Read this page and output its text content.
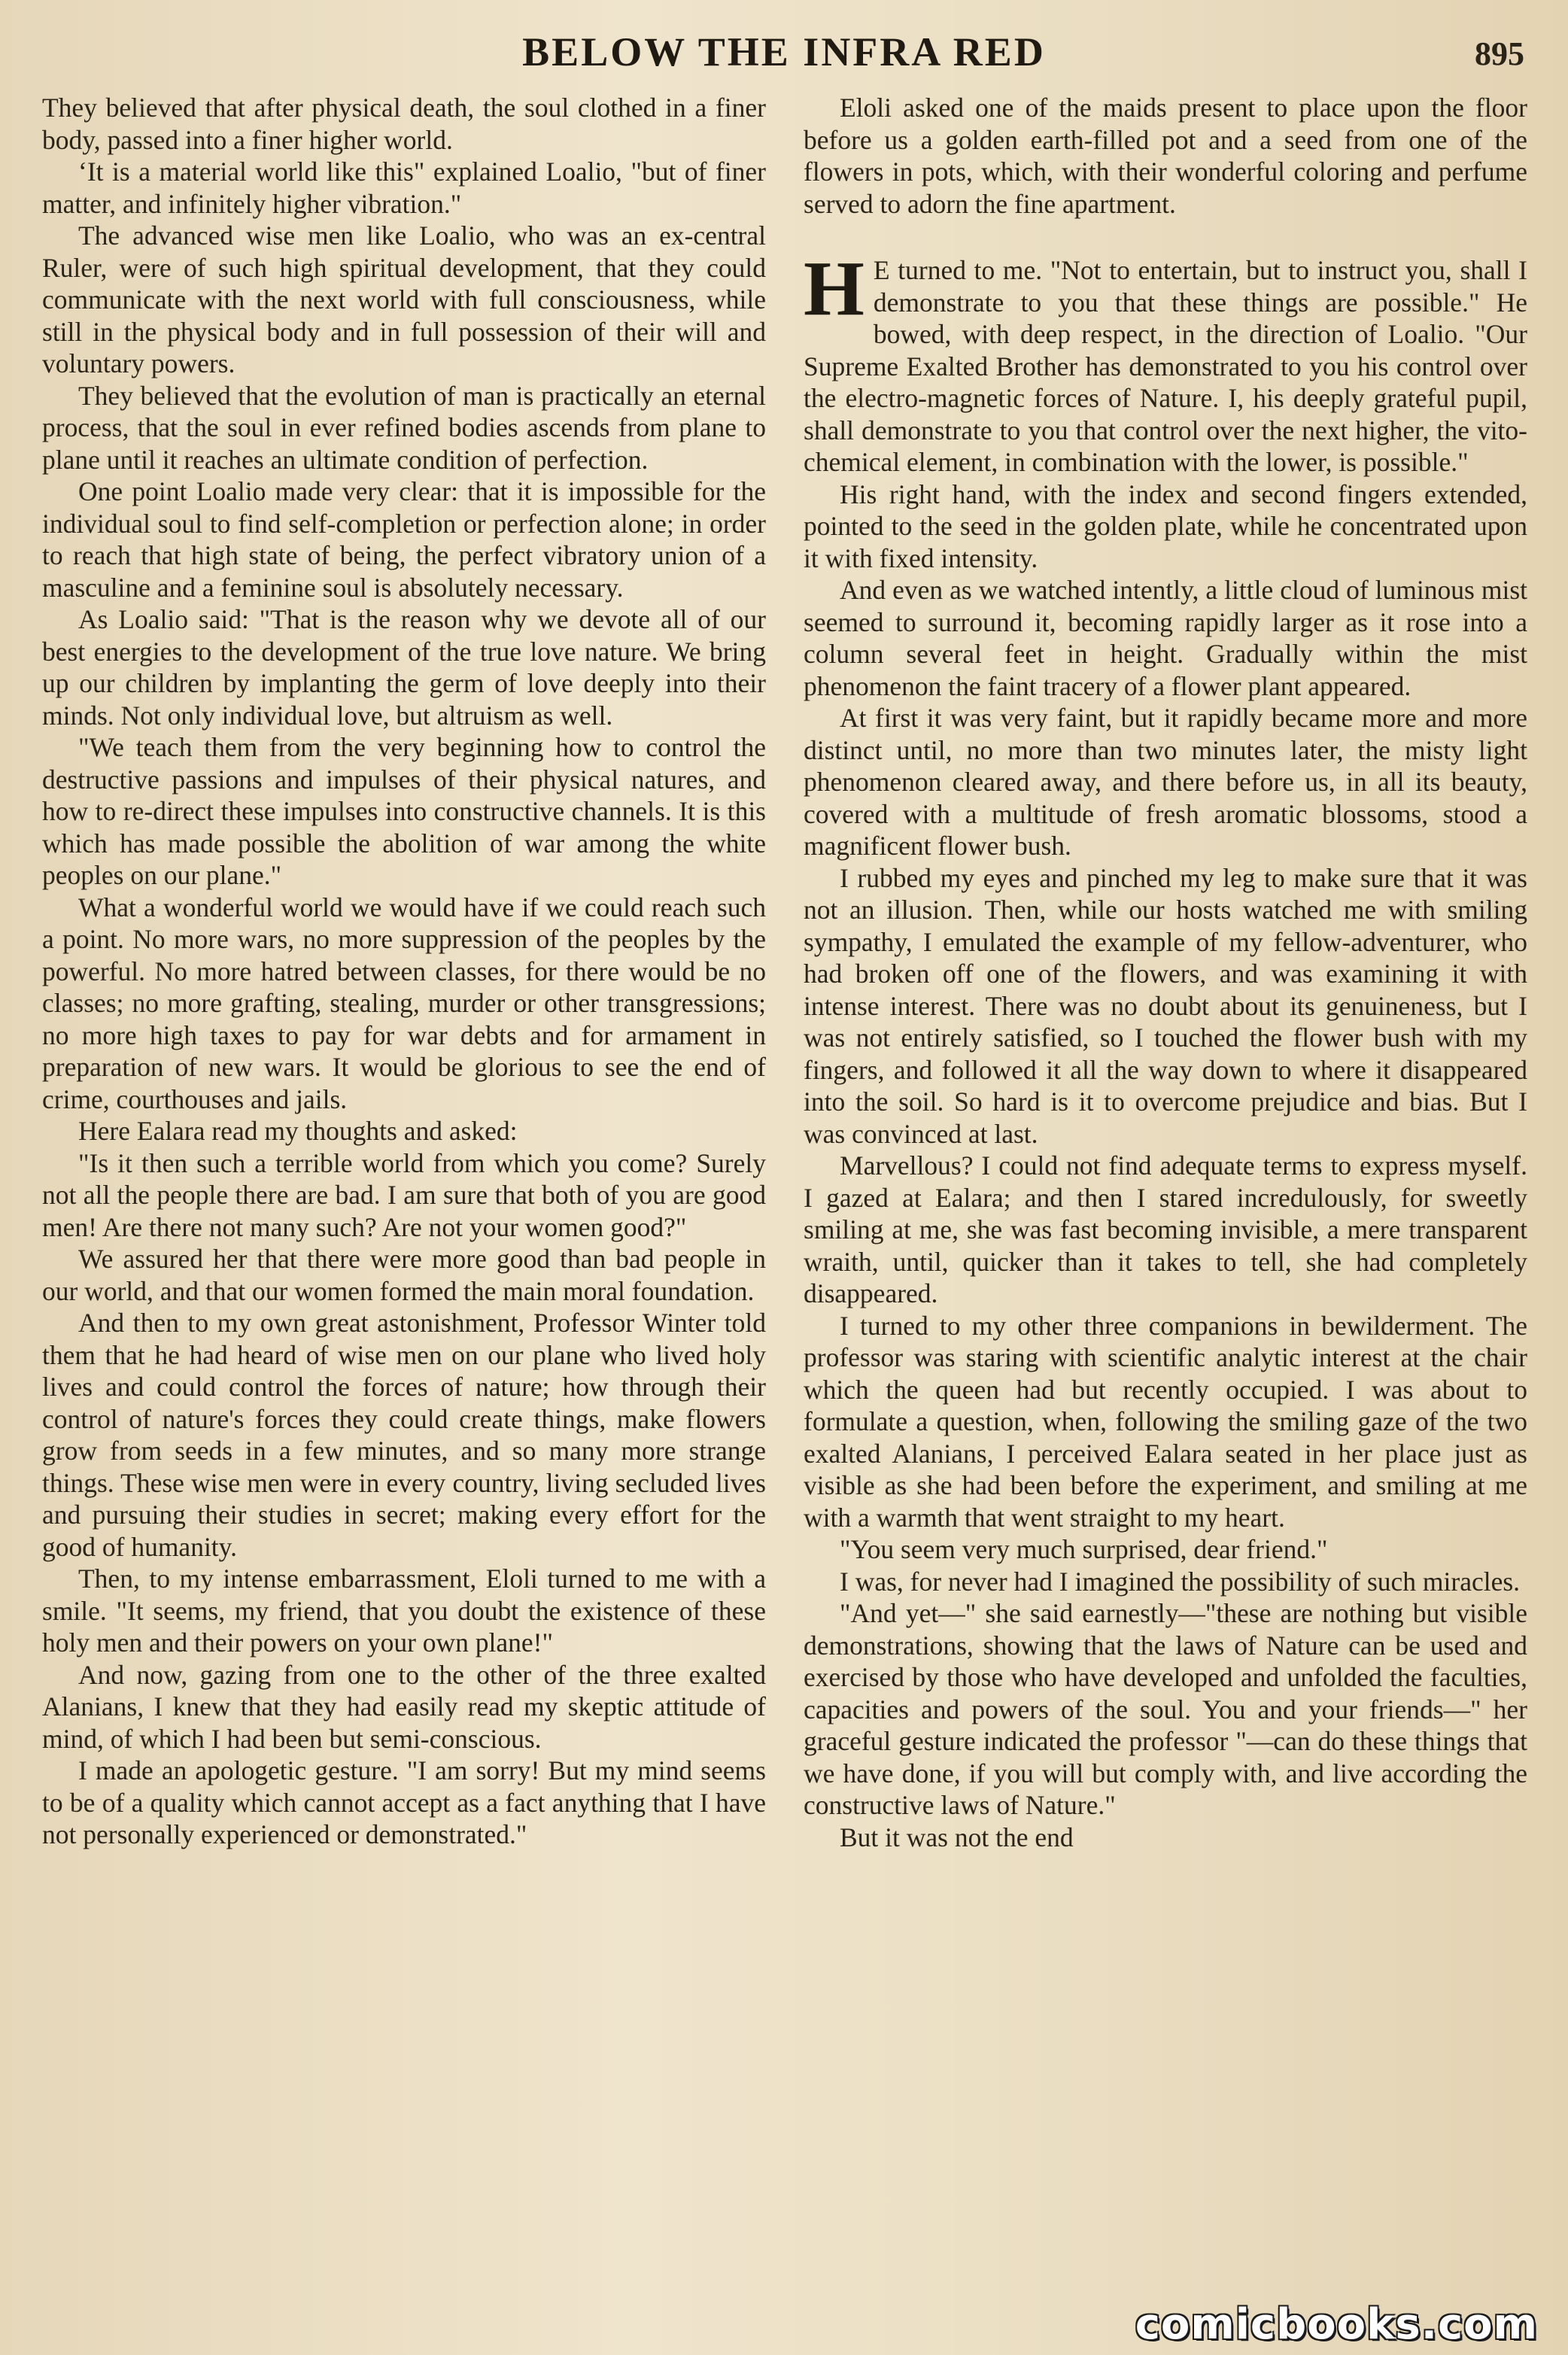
BELOW THE INFRA RED	895

They believed that after physical death, the soul clothed in a finer body, passed into a finer higher world.

‘It is a material world like this" explained Loalio, "but of finer matter, and infinitely higher vibration."

The advanced wise men like Loalio, who was an ex-central Ruler, were of such high spiritual development, that they could communicate with the next world with full consciousness, while still in the physical body and in full possession of their will and voluntary powers.

They believed that the evolution of man is practically an eternal process, that the soul in ever refined bodies ascends from plane to plane until it reaches an ultimate condition of perfection.

One point Loalio made very clear: that it is impossible for the individual soul to find self-completion or perfection alone; in order to reach that high state of being, the perfect vibratory union of a masculine and a feminine soul is absolutely necessary.

As Loalio said: "That is the reason why we devote all of our best energies to the development of the true love nature. We bring up our children by implanting the germ of love deeply into their minds. Not only individual love, but altruism as well.

"We teach them from the very beginning how to control the destructive passions and impulses of their physical natures, and how to re-direct these impulses into constructive channels. It is this which has made possible the abolition of war among the white peoples on our plane."

What a wonderful world we would have if we could reach such a point. No more wars, no more suppression of the peoples by the powerful. No more hatred between classes, for there would be no classes; no more grafting, stealing, murder or other transgressions; no more high taxes to pay for war debts and for armament in preparation of new wars. It would be glorious to see the end of crime, courthouses and jails.

Here Ealara read my thoughts and asked:

"Is it then such a terrible world from which you come? Surely not all the people there are bad. I am sure that both of you are good men! Are there not many such? Are not your women good?"

We assured her that there were more good than bad people in our world, and that our women formed the main moral foundation.

And then to my own great astonishment, Professor Winter told them that he had heard of wise men on our plane who lived holy lives and could control the forces of nature; how through their control of nature's forces they could create things, make flowers grow from seeds in a few minutes, and so many more strange things. These wise men were in every country, living secluded lives and pursuing their studies in secret; making every effort for the good of humanity.

Then, to my intense embarrassment, Eloli turned to me with a smile. "It seems, my friend, that you doubt the existence of these holy men and their powers on your own plane!"

And now, gazing from one to the other of the three exalted Alanians, I knew that they had easily read my skeptic attitude of mind, of which I had been but semi-conscious.

I made an apologetic gesture. "I am sorry! But my mind seems to be of a quality which cannot accept as a fact anything that I have not personally experienced or demonstrated."

Eloli asked one of the maids present to place upon the floor before us a golden earth-filled pot and a seed from one of the flowers in pots, which, with their wonderful coloring and perfume served to adorn the fine apartment.

H E turned to me. "Not to entertain, but to instruct you, shall I demonstrate to you that these things are possible." He bowed, with deep respect, in the direction of Loalio. "Our Supreme Exalted Brother has demonstrated to you his control over the electro-magnetic forces of Nature. I, his deeply grateful pupil, shall demonstrate to you that control over the next higher, the vito-chemical element, in combination with the lower, is possible."

His right hand, with the index and second fingers extended, pointed to the seed in the golden plate, while he concentrated upon it with fixed intensity.

And even as we watched intently, a little cloud of luminous mist seemed to surround it, becoming rapidly larger as it rose into a column several feet in height. Gradually within the mist phenomenon the faint tracery of a flower plant appeared.

At first it was very faint, but it rapidly became more and more distinct until, no more than two minutes later, the misty light phenomenon cleared away, and there before us, in all its beauty, covered with a multitude of fresh aromatic blossoms, stood a magnificent flower bush.

I rubbed my eyes and pinched my leg to make sure that it was not an illusion. Then, while our hosts watched me with smiling sympathy, I emulated the example of my fellow-adventurer, who had broken off one of the flowers, and was examining it with intense interest. There was no doubt about its genuineness, but I was not entirely satisfied, so I touched the flower bush with my fingers, and followed it all the way down to where it disappeared into the soil. So hard is it to overcome prejudice and bias. But I was convinced at last.

Marvellous? I could not find adequate terms to express myself. I gazed at Ealara; and then I stared incredulously, for sweetly smiling at me, she was fast becoming invisible, a mere transparent wraith, until, quicker than it takes to tell, she had completely disappeared.

I turned to my other three companions in bewilderment. The professor was staring with scientific analytic interest at the chair which the queen had but recently occupied. I was about to formulate a question, when, following the smiling gaze of the two exalted Alanians, I perceived Ealara seated in her place just as visible as she had been before the experiment, and smiling at me with a warmth that went straight to my heart.

"You seem very much surprised, dear friend."

I was, for never had I imagined the possibility of such miracles.

"And yet—" she said earnestly—"these are nothing but visible demonstrations, showing that the laws of Nature can be used and exercised by those who have developed and unfolded the faculties, capacities and powers of the soul. You and your friends—" her graceful gesture indicated the professor "—can do these things that we have done, if you will but comply with, and live according the constructive laws of Nature."

But it was not the end

comicbooks.com
